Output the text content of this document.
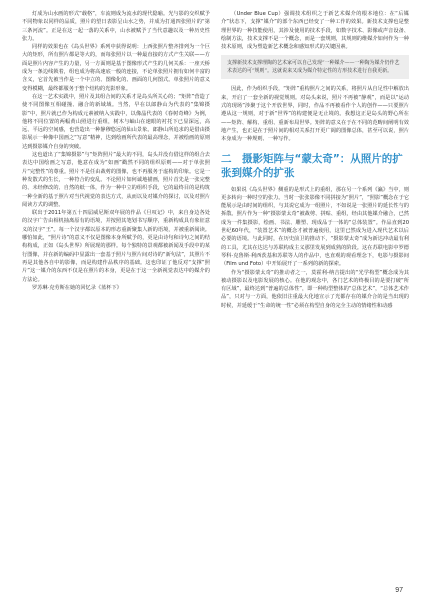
灯成为山水画的形式“载格”，车流则成为流水的现代隐喻。光与影的交织赋予不同物象以同样的品质，照片的望日表影呈山水之势，并成为打通四张照片的“第三条河流”。正是在这一起一落的关系中，山水被赋予了当代意趣以及一种历史性张力。

同样的效果也在《岛头世界》系列中获得说明：上西张照片整齐排列为一个巨大的矩形，所有照片都是等大的，而每张照片以一种最直接的方式产生关联——方面是照片内容产生的力量，另一方面则是基于图像形式产生的几何关系：一座天桥成为一条边线锁着，组也成为将高速底一般的连接，不论单张照片拥有如何丰富的含义，它首先被当作是一个中立的、图像化的、画面的几何图式。单张照片的意义变得模糊，最终都服务于整个结构的光影形象。

在这一艺术实践中，照片及其组合间的关系才是岛头所关心的；“矩阵”营造了使不同图像互相碰撞、融合的新域域。当然，早在以郎静山为代表的“集锦摄影”中，照片就已作为构成元素被纳入实践中，以像晶代表的《春树奇峰》为例，他将不同位置的两幅黄山照进行重组，树木与岫山在速眼的衬托下已显深远，高远、平远的空间感，也营造出一种静穆悠远的仙山景象。郎静山所追求的是借由摄影展示一种像中国画之“写意”精神，达到绘画所代表的最高理念，并被绘画的原则达到摄影媒介自身的突破。

这也道出了“集锦摄影”与“矩阵照片”最大的不同，岛头并没有借这样的组合去表达中国绘画之写意，他意在成为“如画”戳然不同的组织原则——对于单张照片“完整性”的尊重。照片不是任由裁剪的图像，也不再服务于虚构的印象。它是一种发散式的生长，一种符合的变乱。不论照片如何诚地描画，照片首先是一张完整的、未经修改的、自然的纸一体，作为一种中立的组织手段，它的最终目的是构筑一种全新的基于照片对当代视觉的表达方式，从而以及对媒介的探讨，以及对照片阅读方式的调整。

联出于2011年第五十四届威尼斯双年展的作品《旦叹记》中，来自身边各处的汉字广告由相机抽离原有的语境，并按照其笔划书写顺序，重新构成具有象征意义的汉字“王”。每一个汉字都以原本的形态重新聚集人新的语境，并被重新阅读。哪怕如此，“照片诗”的意义不仅是图像本身所赋予的，更是由诗句和诗句之间的结构构成，正如《岛头世界》所展现的那样。每个独特的景观都被新闻及手段中的某行图像，并在新的编码中显露出一套基于照片与照片间对诗的“新句法”，其照片不再是其他各自中的影像，而是构建作品秩序的基础。这也印证了他反对“支撑”照片”这一媒介的东西不仅是在照片的本身，更是在于这一全新视觉表达中的媒介的方法论。

罗苏琳·克劳斯在她的回忆录《蓝杯下》

（Under Blue Cup）强调技术组织之于新艺术媒介的根本地位：在“后媒介”状态下，支撑“媒介”的部个东西已经变了一种工作的效果。新技术支撑也是整理世界的一种技能使用，其涉及使用的技术手段，如数字技术、影像或声音设备、绘制方法，技术支撑不是一个概念，而是一套规则，其规则的维媒介如何作为一种技术原则，成为塑造新艺术概念和感知形式的关键因素。

支撑新技术支撑理陶的艺术家可以自己发现“一种媒介——一种陶为媒介仍作艺术表达的可“规则”。这就说来又成为媒介特定性的方形技术进行自我更新。

因此，作为组织手段，“矩阵”重构照片之间的关系，将照片从自足性中解放出来，开启了一套全新的视觉规则。对岛头来说，照片不再被“静观”，而是以“运动式的现场”涉聚于这个开放世界，同时，作品不再被看作个人的创作——只要照片遵从这一规则，对于新“世界”的构建便是无止境的。我想这正是岛头的野心所在——矩阵、解构、重组、重新布局世界。矩阵的意义在于在不同的范畴间阐明有效地产生，也正是在于照片间的相对关系打开更广阔的图像总体，甚至可以说，照片本身成为一种规则、一种写作。

二　摄影矩阵与“蒙太奇”：从照片的扩张到媒介的扩张

如果说《岛头世界》侧重的是形式上的重组，那在另一个系列《瀛》当中，则更多转向一种时空的张力。当时一张张影像不同拼接为“照片”，“照影”概念在于它能展示是由时间的组织，与其说它成为一组照片，不如说是一张照片的延长性与的拆散。照片作为一种“摄影蒙太奇”被裁剪、拼贴、重组，经由其他媒介融合，已然成为一件集摄影，绘画、书法、雕塑、现成品于一体的“总体装置”。作品直到20世纪60年代，“装置艺术”的概念才被普遍使用，这里已然成为进入现代艺术以后必要的语境。与此同时，在历史前卫的推动下，“摄影蒙太奇”成为新达冲动最有利的工具，尤其在达达与苏联构成主义那里发展到成熟的阶段。这在苏联电影中罗德琴科·克鲁斯·利西茨基和苏联等人的作品中，也直观的观看理念下，电影与摄影间（Film und Foto）中开始展开了一系列的新的探索。

作为“摄影蒙太奇”的推动者之一，莫霍利-纳吉提出的“光学构型”概念成为其被动摄影以及电影发展的核心。在他的观念中，各门艺术的终极目的是要打破“所有区域”，最终达到“普遍的总体性”，即一种构型整体的“总体艺术”，“总体艺术作品”，只对与一方面，他依旧注重最大化地宣示了光都存在的媒介合的是当出现的时候，并延缓于“生命的统一性”必须在构型自身的完全主动的情绪性和动感

97
